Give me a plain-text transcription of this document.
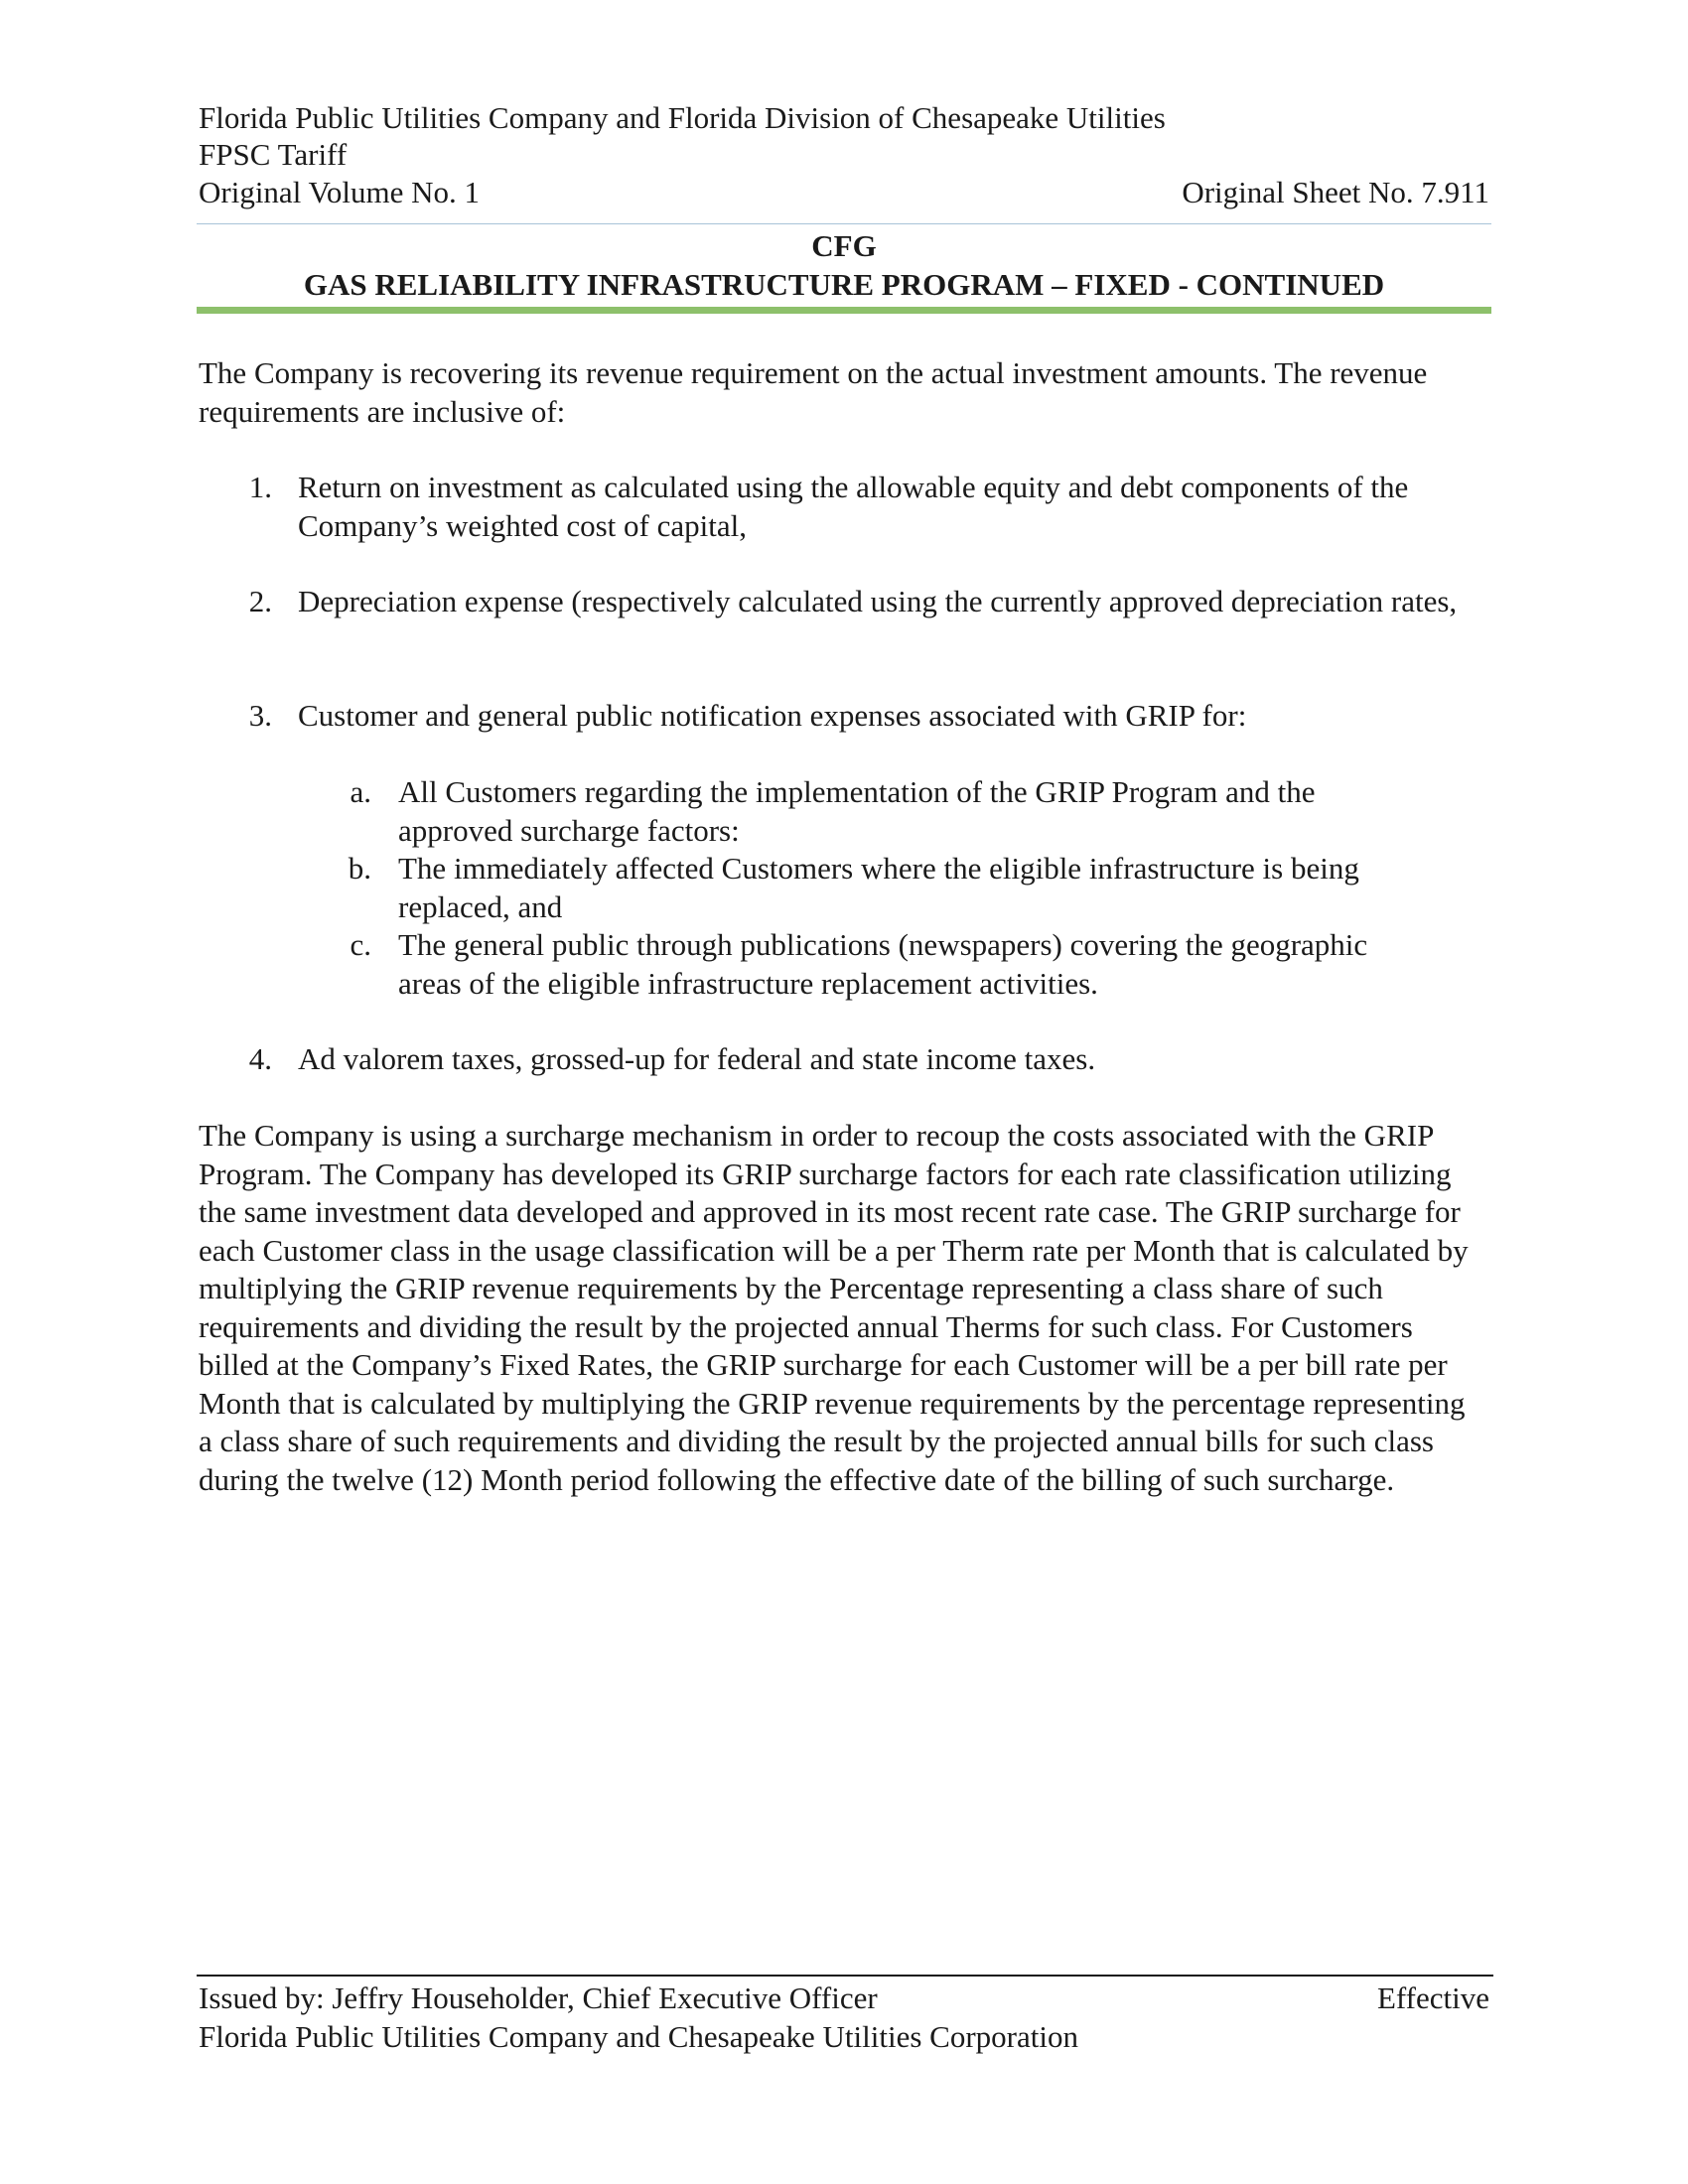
Florida Public Utilities Company and Florida Division of Chesapeake Utilities
FPSC Tariff
Original Volume No. 1	Original Sheet No. 7.911
CFG
GAS RELIABILITY INFRASTRUCTURE PROGRAM – FIXED - CONTINUED
The Company is recovering its revenue requirement on the actual investment amounts. The revenue requirements are inclusive of:
1. Return on investment as calculated using the allowable equity and debt components of the Company’s weighted cost of capital,
2. Depreciation expense (respectively calculated using the currently approved depreciation rates,
3. Customer and general public notification expenses associated with GRIP for:
a. All Customers regarding the implementation of the GRIP Program and the approved surcharge factors:
b. The immediately affected Customers where the eligible infrastructure is being replaced, and
c. The general public through publications (newspapers) covering the geographic areas of the eligible infrastructure replacement activities.
4. Ad valorem taxes, grossed-up for federal and state income taxes.
The Company is using a surcharge mechanism in order to recoup the costs associated with the GRIP Program. The Company has developed its GRIP surcharge factors for each rate classification utilizing the same investment data developed and approved in its most recent rate case. The GRIP surcharge for each Customer class in the usage classification will be a per Therm rate per Month that is calculated by multiplying the GRIP revenue requirements by the Percentage representing a class share of such requirements and dividing the result by the projected annual Therms for such class. For Customers billed at the Company’s Fixed Rates, the GRIP surcharge for each Customer will be a per bill rate per Month that is calculated by multiplying the GRIP revenue requirements by the percentage representing a class share of such requirements and dividing the result by the projected annual bills for such class during the twelve (12) Month period following the effective date of the billing of such surcharge.
Issued by: Jeffry Householder, Chief Executive Officer	Effective
Florida Public Utilities Company and Chesapeake Utilities Corporation
